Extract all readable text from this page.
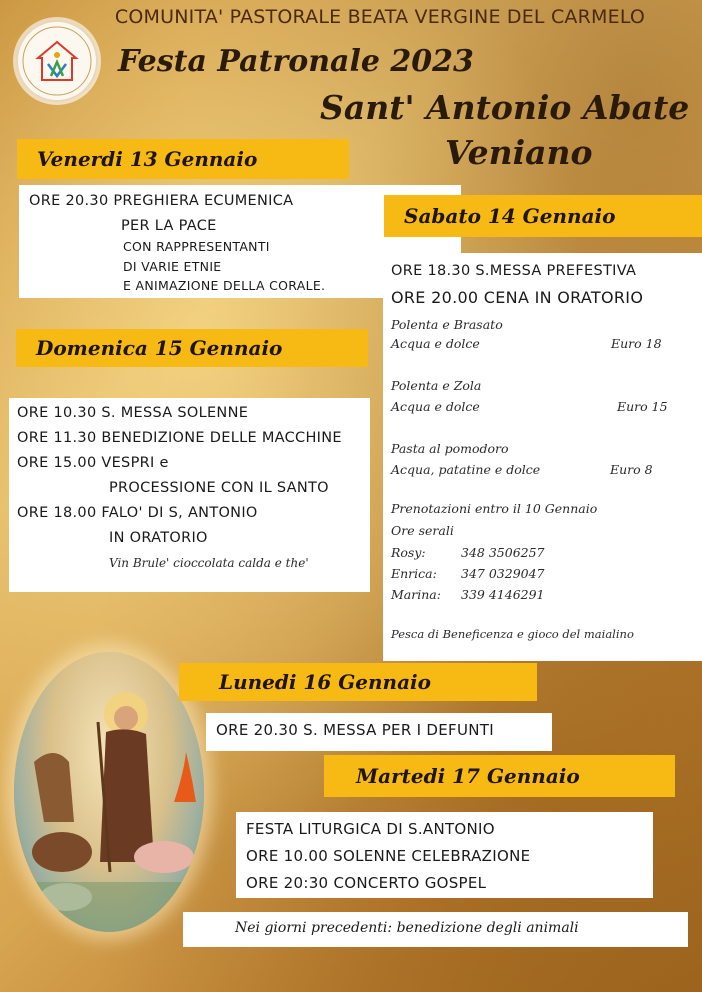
COMUNITA' PASTORALE BEATA VERGINE DEL CARMELO
Festa Patronale 2023
Sant' Antonio Abate
Veniano
Venerdi 13 Gennaio
ORE 20.30 PREGHIERA ECUMENICA
PER LA PACE
CON RAPPRESENTANTI
DI VARIE ETNIE
E ANIMAZIONE DELLA CORALE.
Sabato 14 Gennaio
ORE 18.30 S.MESSA PREFESTIVA
ORE 20.00 CENA IN ORATORIO
Polenta e Brasato
Acqua e dolce	Euro 18
Polenta e Zola
Acqua e dolce	Euro 15
Pasta al pomodoro
Acqua, patatine e dolce	Euro 8
Prenotazioni entro il 10 Gennaio
Ore serali
Rosy:	348 3506257
Enrica: 347 0329047
Marina: 339 4146291
Pesca di Beneficenza e gioco del maialino
Domenica 15 Gennaio
ORE 10.30 S. MESSA SOLENNE
ORE 11.30 BENEDIZIONE DELLE MACCHINE
ORE 15.00 VESPRI e
PROCESSIONE CON IL SANTO
ORE 18.00 FALO' DI S, ANTONIO
IN ORATORIO
Vin Brule' cioccolata calda e the'
Lunedi 16 Gennaio
ORE 20.30 S. MESSA PER I DEFUNTI
Martedi 17 Gennaio
FESTA LITURGICA DI S.ANTONIO
ORE 10.00 SOLENNE CELEBRAZIONE
ORE 20:30 CONCERTO GOSPEL
Nei giorni precedenti: benedizione degli animali
